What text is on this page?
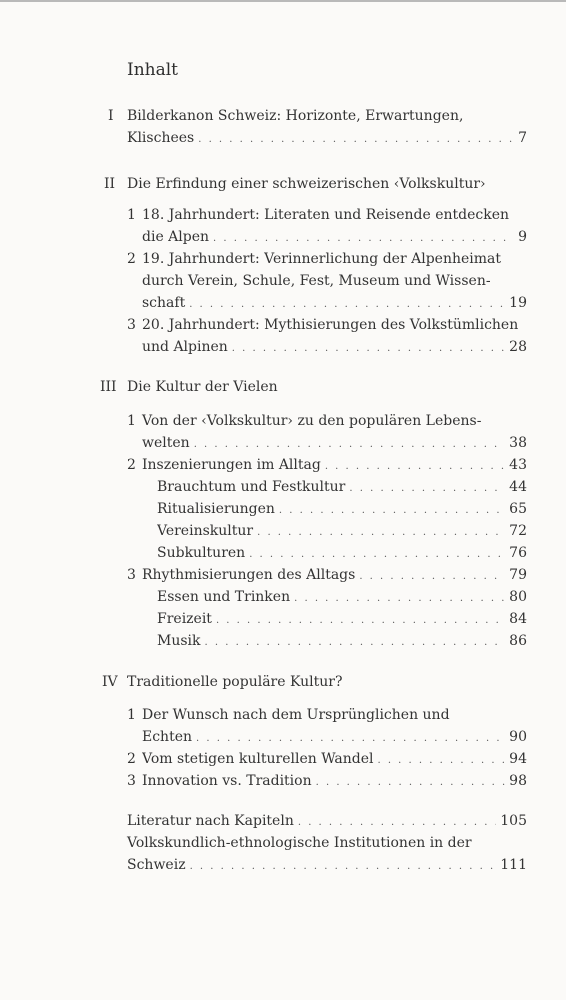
Inhalt
I Bilderkanon Schweiz: Horizonte, Erwartungen,
Klischees . . .	7
II Die Erfindung einer schweizerischen ‹Volkskultur›
1 18. Jahrhundert: Literaten und Reisende entdecken
die Alpen . . .	9
2 19. Jahrhundert: Verinnerlichung der Alpenheimat
durch Verein, Schule, Fest, Museum und Wissen-
schaft . . .	19
3 20. Jahrhundert: Mythisierungen des Volkstümlichen
und Alpinen . . .	28
III Die Kultur der Vielen
1 Von der ‹Volkskultur› zu den populären Lebens-
welten . . .	38
2 Inszenierungen im Alltag . . .	43
Brauchtum und Festkultur . . .	44
Ritualisierungen . . .	65
Vereinskultur . . .	72
Subkulturen . . .	76
3 Rhythmisierungen des Alltags . . .	79
Essen und Trinken . . .	80
Freizeit . . .	84
Musik . . .	86
IV Traditionelle populäre Kultur?
1 Der Wunsch nach dem Ursprünglichen und
Echten . . .	90
2 Vom stetigen kulturellen Wandel . . .	94
3 Innovation vs. Tradition . . .	98
Literatur nach Kapiteln . . .	105
Volkskundlich-ethnologische Institutionen in der
Schweiz . . .	111
